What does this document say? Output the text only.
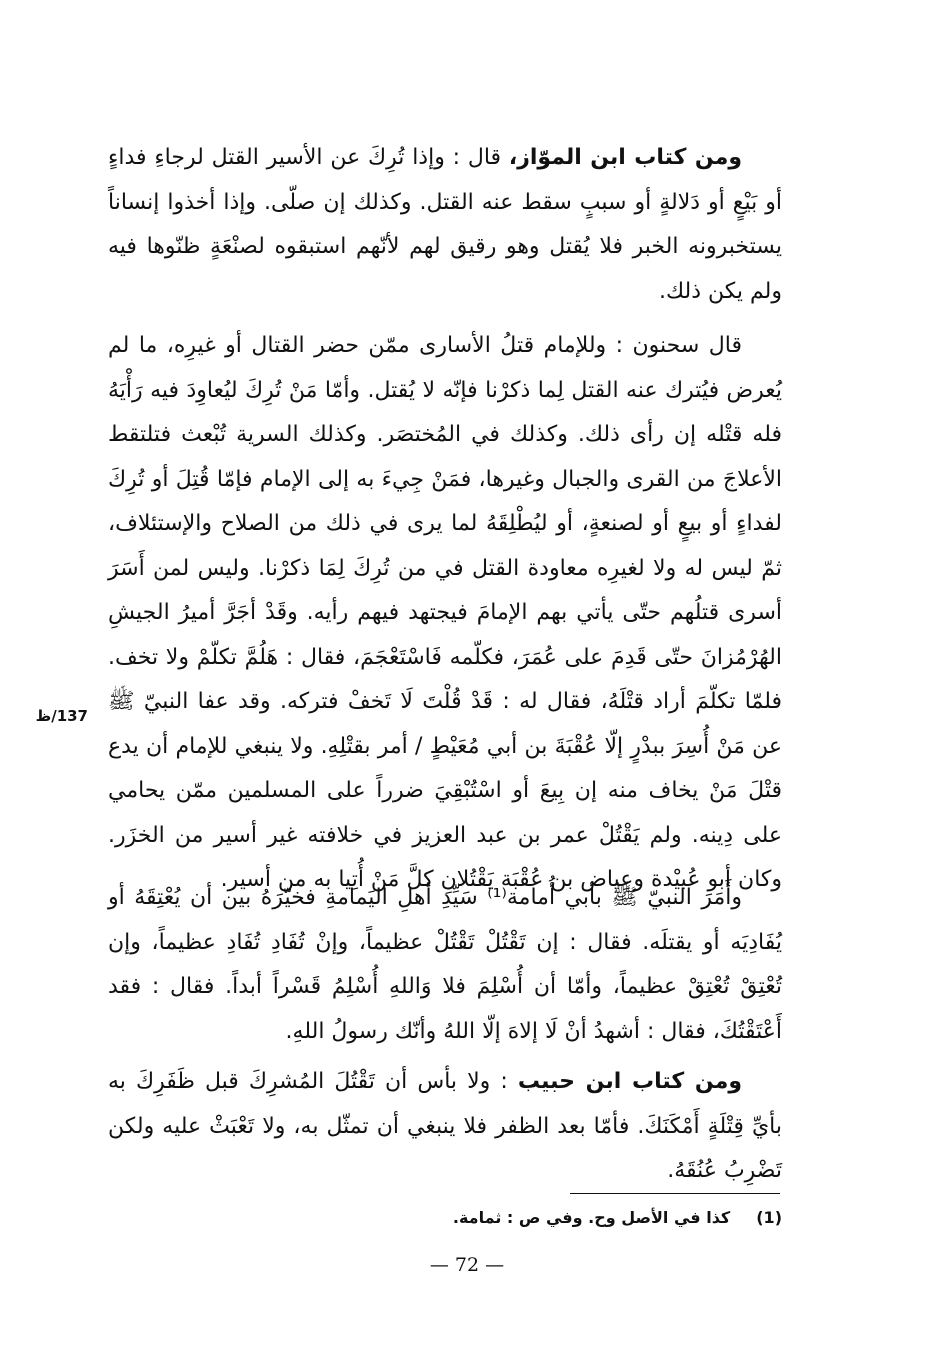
ومن كتاب ابن الموّاز، قال : وإذا تُرِكَ عن الأسير القتل لرجاءِ فداءٍ أو بَيْعٍ أو دَلالةٍ أو سببٍ سقط عنه القتل. وكذلك إن صلّى. وإذا أخذوا إنساناً يستخبرونه الخبر فلا يُقتل وهو رقيق لهم لأنّهم استبقوه لصنْعَةٍ ظنّوها فيه ولم يكن ذلك.

قال سحنون : وللإمام قتلُ الأسارى ممّن حضر القتال أو غيرِه، ما لم يُعرض فيُترك عنه القتل لِما ذكرْنا فإنّه لا يُقتل. وأمّا مَنْ تُرِكَ ليُعاوِدَ فيه رَأْيَهُ فله قتْله إن رأى ذلك. وكذلك في المُختصَر. وكذلك السرية تُبْعث فتلتقط الأعلاجَ من القرى والجبال وغيرها، فمَنْ جِيءَ به إلى الإمام فإمّا قُتِلَ أو تُرِكَ لفداءٍ أو بيعٍ أو لصنعةٍ، أو ليُطْلِقَهُ لما يرى في ذلك من الصلاح والإستئلاف، ثمّ ليس له ولا لغيرِه معاودة القتل في من تُرِكَ لِمَا ذكرْنا. وليس لمن أَسَرَ أسرى قتلُهم حتّى يأتي بهم الإمامَ فيجتهد فيهم رأيه. وقَدْ أجَرَّ أميرُ الجيشِ الهُرْمُزانَ حتّى قَدِمَ على عُمَرَ، فكلّمه فَاسْتَعْجَمَ، فقال : هَلُمَّ تكلّمْ ولا تخف. فلمّا تكلّمَ أراد قتْلَهُ، فقال له : قَدْ قُلْتَ لَا تَخفْ فتركه. وقد عفا النبيّ ﷺ عن مَنْ أُسِرَ ببدْرٍ إلّا عُقْبَةَ بن أبي مُعَيْطٍ / أمر بقتْلِهِ. ولا ينبغي للإمام أن يدع قتْلَ مَنْ يخاف منه إن بِيعَ أو اسْتُبْقِيَ ضرراً على المسلمين ممّن يحامي على دِينه. ولم يَقْتُلْ عمر بن عبد العزيز في خلافته غير أسير من الخزَر. وكان أبو عُبيْدة وعِياض بن عُقْبَة يَقْتُلانِ كلَّ مَنْ أُتِيا به من أسير.

137/ظ

وأَمَرَ النبيّ ﷺ بأبي أُمامة⁽¹⁾ سَيِّدِ أهلِ اليَمامةِ فخيّرَهُ بين أن يُعْتِقَهُ أو يُفَادِيَه أو يقتلَه. فقال : إن تَقْتُلْ تَقْتُلْ عظيماً، وإنْ تُفَادِ تُفَادِ عظيماً، وإن تُعْتِقْ تُعْتِقْ عظيماً، وأمّا أن أُسْلِمَ فلا وَاللهِ أُسْلِمُ قَسْراً أبداً. فقال : فقد أَعْتَقْتُكَ، فقال : أشهدُ أنْ لَا إلاهَ إلّا اللهُ وأنّك رسولُ اللهِ.

ومن كتاب ابن حبيب : ولا بأس أن تَقْتُلَ المُشرِكَ قبل ظَفَرِكَ به بأيِّ قِتْلَةٍ أَمْكَنَكَ. فأمّا بعد الظفر فلا ينبغي أن تمثّل به، ولا تَعْبَثْ عليه ولكن تَضْرِبُ عُنُقَهُ.

(1)كذا في الأصل وح. وفي ص : ثمامة.
— 72 —
